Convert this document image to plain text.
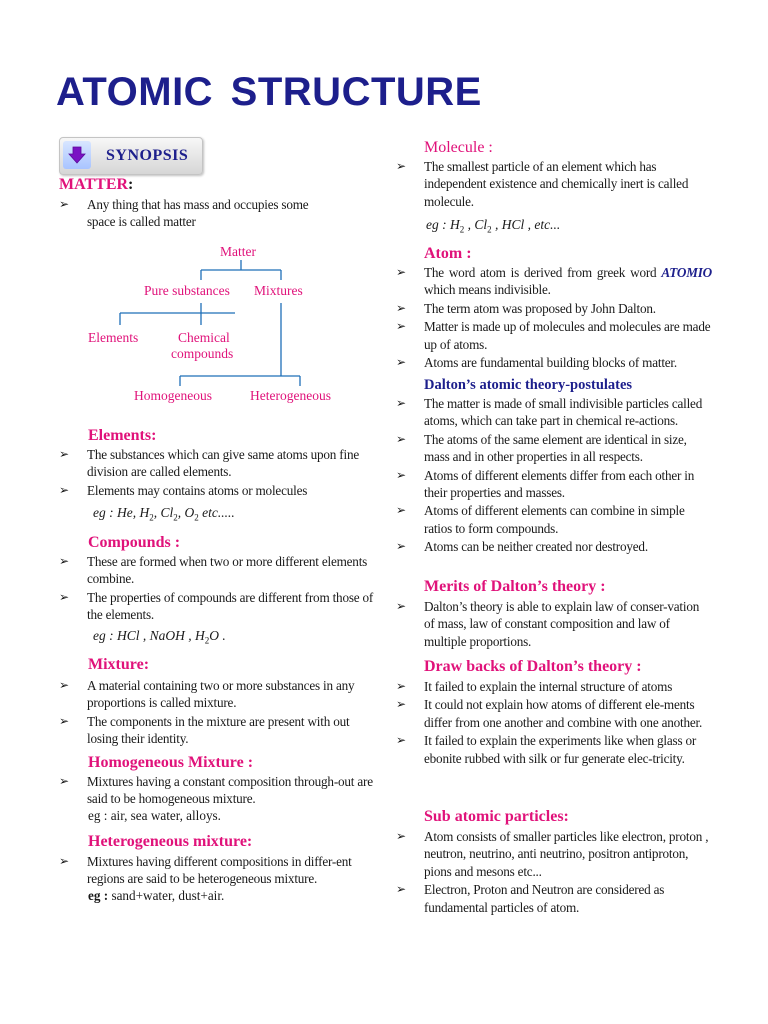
ATOMIC STRUCTURE
SYNOPSIS
MATTER:
➢ Any thing that has mass and occupies some space is called matter
Matter
Pure substances Mixtures
Elements	Chemical
compounds
Homogeneous	Heterogeneous
Elements:
➢ The substances which can give same atoms upon fine division are called elements.
➢ Elements may contains atoms or molecules
eg : He, $H_2$, $Cl_2$, $O_2$ etc.....
Compounds :
➢ These are formed when two or more different elements combine.
➢ The properties of compounds are different from those of the elements.
eg : HCl , NaOH , $H_2O$ .
Mixture:
➢ A material containing two or more substances in any proportions is called mixture.
➢ The components in the mixture are present with out losing their identity.
Homogeneous Mixture :
➢ Mixtures having a constant composition through-out are said to be homogeneous mixture.
eg : air, sea water, alloys.
Heterogeneous mixture:
➢ Mixtures having different compositions in differ-ent regions are said to be heterogeneous mixture.
eg : sand+water, dust+air.
Molecule :
➢ The smallest particle of an element which has independent existence and chemically inert is called molecule.
eg : $H_2$ , $Cl_2$ , HCl , etc...
Atom :
➢ The word atom is derived from greek word ATOMIO which means indivisible.
➢ The term atom was proposed by John Dalton.
➢ Matter is made up of molecules and molecules are made up of atoms.
➢ Atoms are fundamental building blocks of matter.
Dalton’s atomic theory-postulates
➢ The matter is made of small indivisible particles called atoms, which can take part in chemical re-actions.
➢ The atoms of the same element are identical in size, mass and in other properties in all respects.
➢ Atoms of different elements differ from each other in their properties and masses.
➢ Atoms of different elements can combine in simple ratios to form compounds.
➢ Atoms can be neither created nor destroyed.
Merits of Dalton’s theory :
➢ Dalton’s theory is able to explain law of conser-vation of mass, law of constant composition and law of multiple proportions.
Draw backs of Dalton’s theory :
➢ It failed to explain the internal structure of atoms
➢ It could not explain how atoms of different ele-ments differ from one another and combine with one another.
➢ It failed to explain the experiments like when glass or ebonite rubbed with silk or fur generate elec-tricity.
Sub atomic particles:
➢ Atom consists of smaller particles like electron, proton , neutron, neutrino, anti neutrino, positron antiproton, pions and mesons etc...
➢ Electron, Proton and Neutron are considered as fundamental particles of atom.
